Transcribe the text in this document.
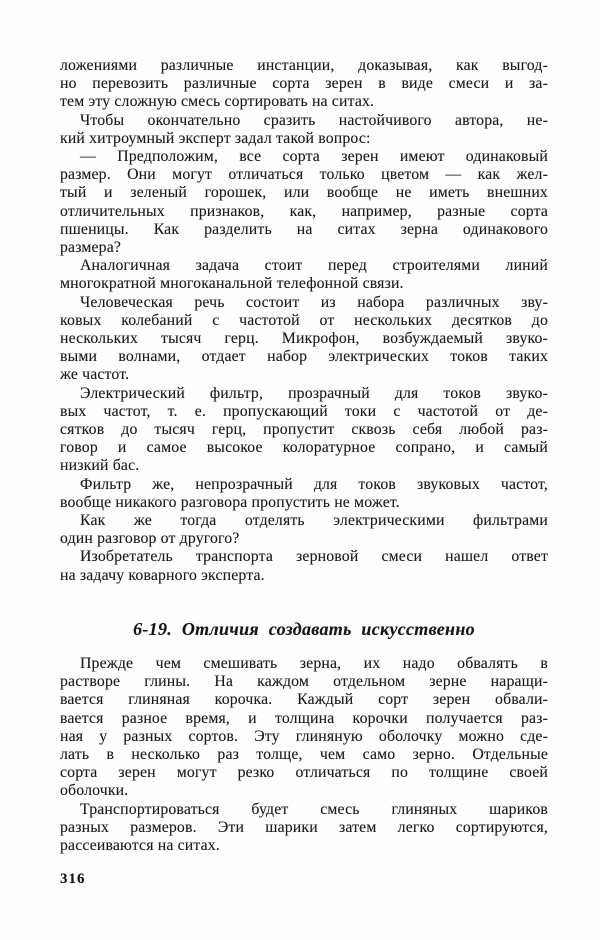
ложениями различные инстанции, доказывая, как выгод-
но перевозить различные сорта зерен в виде смеси и за-
тем эту сложную смесь сортировать на ситах.
Чтобы окончательно сразить настойчивого автора, не-
кий хитроумный эксперт задал такой вопрос:
— Предположим, все сорта зерен имеют одинаковый
размер. Они могут отличаться только цветом — как жел-
тый и зеленый горошек, или вообще не иметь внешних
отличительных признаков, как, например, разные сорта
пшеницы. Как разделить на ситах зерна одинакового
размера?
Аналогичная задача стоит перед строителями линий
многократной многоканальной телефонной связи.
Человеческая речь состоит из набора различных зву-
ковых колебаний с частотой от нескольких десятков до
нескольких тысяч герц. Микрофон, возбуждаемый звуко-
выми волнами, отдает набор электрических токов таких
же частот.
Электрический фильтр, прозрачный для токов звуко-
вых частот, т. е. пропускающий токи с частотой от де-
сятков до тысяч герц, пропустит сквозь себя любой раз-
говор и самое высокое колоратурное сопрано, и самый
низкий бас.
Фильтр же, непрозрачный для токов звуковых частот,
вообще никакого разговора пропустить не может.
Как же тогда отделять электрическими фильтрами
один разговор от другого?
Изобретатель транспорта зерновой смеси нашел ответ
на задачу коварного эксперта.
6-19. Отличия создавать искусственно
Прежде чем смешивать зерна, их надо обвалять в
растворе глины. На каждом отдельном зерне наращи-
вается глиняная корочка. Каждый сорт зерен обвали-
вается разное время, и толщина корочки получается раз-
ная у разных сортов. Эту глиняную оболочку можно сде-
лать в несколько раз толще, чем само зерно. Отдельные
сорта зерен могут резко отличаться по толщине своей
оболочки.
Транспортироваться будет смесь глиняных шариков
разных размеров. Эти шарики затем легко сортируются,
рассеиваются на ситах.
316
